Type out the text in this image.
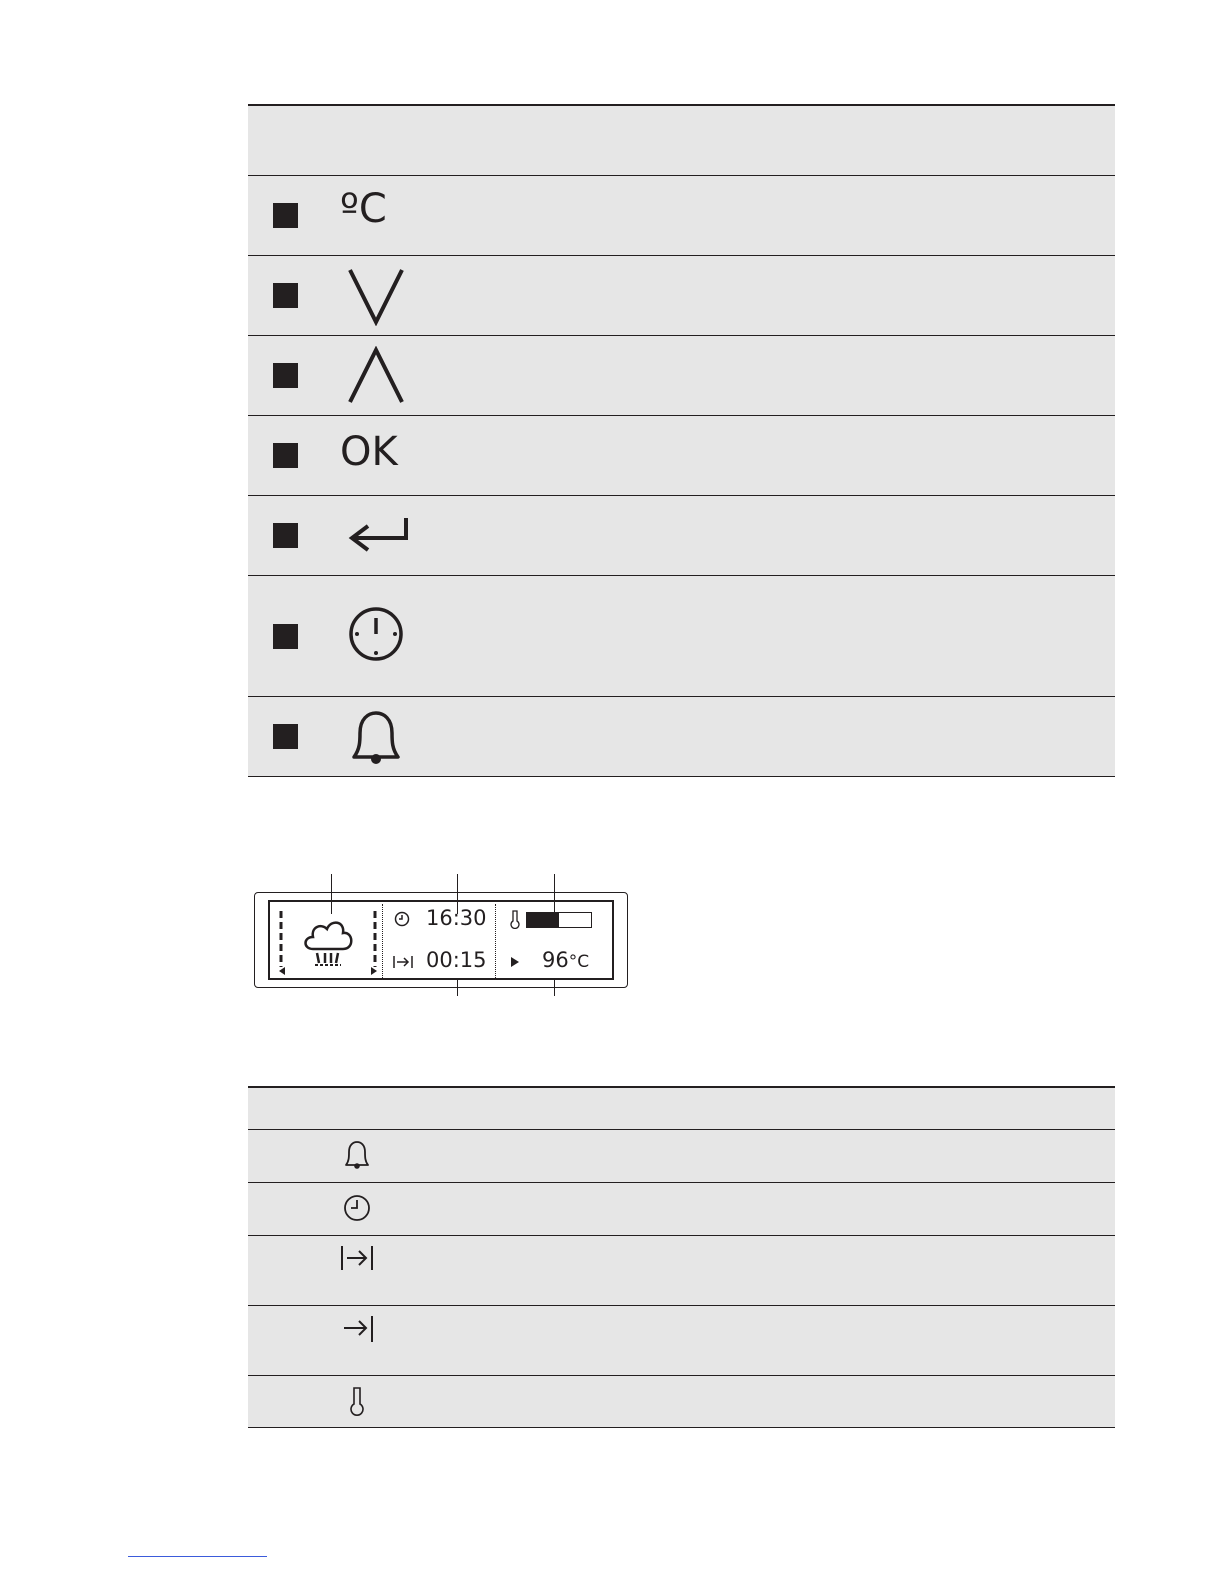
ºC
OK
16:30
00:15	96°C
